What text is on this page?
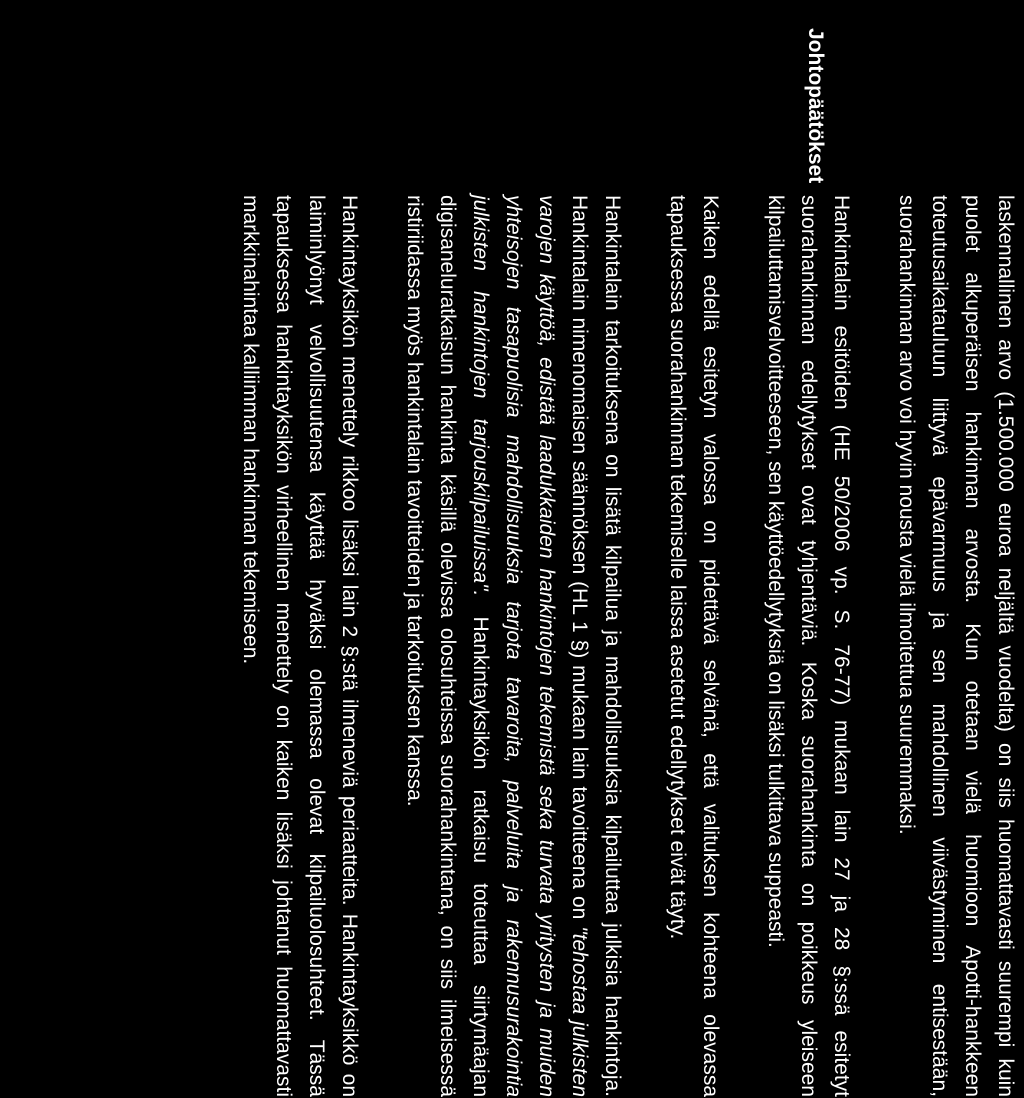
Johtopäätökset

laskennallinen arvo (1.500.000 euroa neljältä vuodelta) on siis huomattavasti suurempi kuin puolet alkuperäisen hankinnan arvosta. Kun otetaan vielä huomioon Apotti-hankkeen toteutusaikatauluun liittyvä epävarmuus ja sen mahdollinen viivästyminen entisestään, suorahankinnan arvo voi hyvin nousta vielä ilmoitettua suuremmaksi.

Hankintalain esitöiden (HE 50/2006 vp. S. 76-77) mukaan lain 27 ja 28 §:ssä esitetyt suorahankinnan edellytykset ovat tyhjentäviä. Koska suorahankinta on poikkeus yleiseen kilpailuttamisvelvoitteeseen, sen käyttöedellytyksiä on lisäksi tulkittava suppeasti.

Kaiken edellä esitetyn valossa on pidettävä selvänä, että valituksen kohteena olevassa tapauksessa suorahankinnan tekemiselle laissa asetetut edellytykset eivät täyty.

Hankintalain tarkoituksena on lisätä kilpailua ja mahdollisuuksia kilpailuttaa julkisia hankintoja. Hankintalain nimenomaisen säännöksen (HL 1 §) mukaan lain tavoitteena on "tehostaa julkisten varojen käyttöä, edistää laadukkaiden hankintojen tekemistä seka turvata yritysten ja muiden yhteisojen tasapuolisia mahdollisuuksia tarjota tavaroita, palveluita ja rakennusurakointia julkisten hankintojen tarjouskilpailuissa". Hankintayksikön ratkaisu toteuttaa siirtymäajan digisaneluratkaisun hankinta käsillä olevissa olosuhteissa suorahankintana, on siis ilmeisessä ristiriidassa myös hankintalain tavoitteiden ja tarkoituksen kanssa.

Hankintayksikön menettely rikkoo lisäksi lain 2 §:stä ilmeneviä periaatteita. Hankintayksikkö on laiminlyönyt velvollisuutensa käyttää hyväksi olemassa olevat kilpailuolosuhteet. Tässä tapauksessa hankintayksikön virheellinen menettely on kaiken lisäksi johtanut huomattavasti markkinahintaa kalliimman hankinnan tekemiseen.
